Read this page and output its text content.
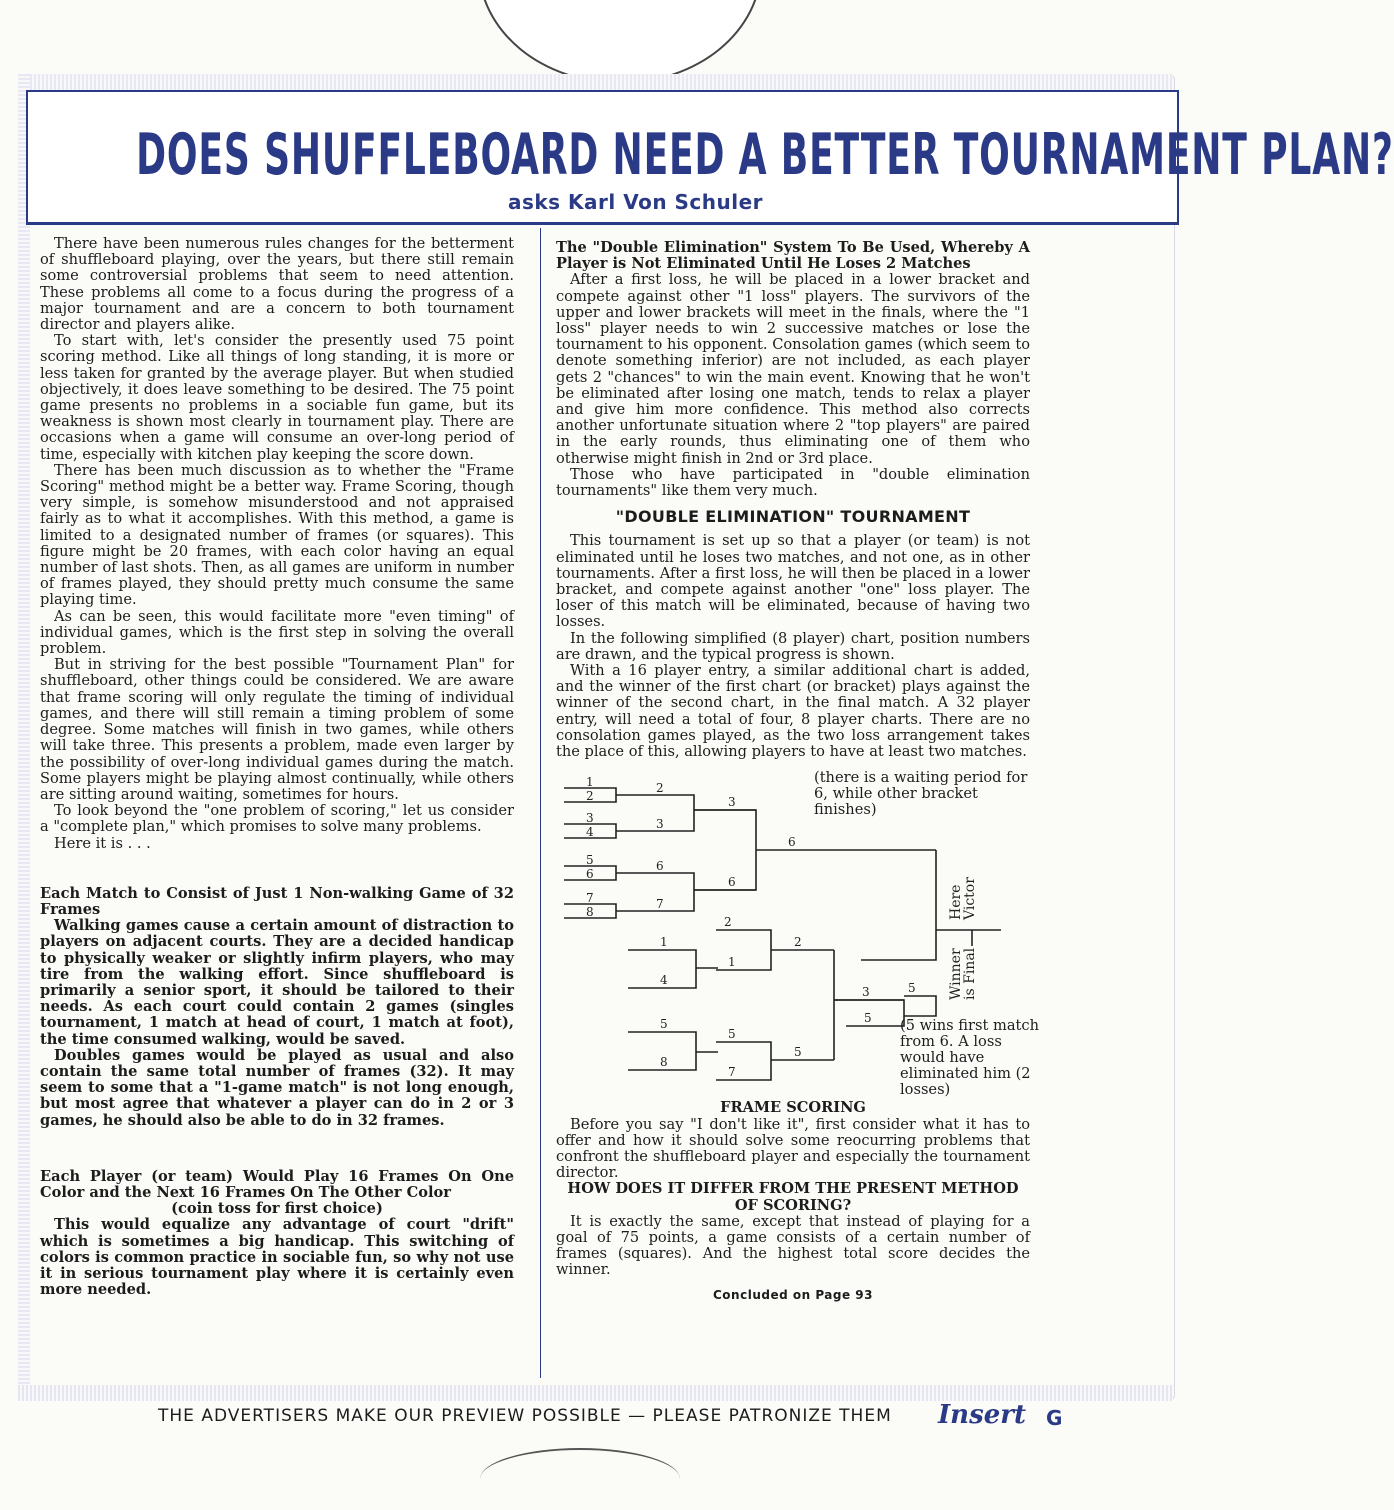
DOES SHUFFLEBOARD NEED A BETTER TOURNAMENT PLAN?
asks Karl Von Schuler

There have been numerous rules changes for the betterment of shuffleboard playing, over the years, but there still remain some controversial problems that seem to need attention. These problems all come to a focus during the progress of a major tournament and are a concern to both tournament director and players alike.

To start with, let's consider the presently used 75 point scoring method. Like all things of long standing, it is more or less taken for granted by the average player. But when studied objectively, it does leave something to be desired. The 75 point game presents no problems in a sociable fun game, but its weakness is shown most clearly in tournament play. There are occasions when a game will consume an over-long period of time, especially with kitchen play keeping the score down.

There has been much discussion as to whether the "Frame Scoring" method might be a better way. Frame Scoring, though very simple, is somehow misunderstood and not appraised fairly as to what it accomplishes. With this method, a game is limited to a designated number of frames (or squares). This figure might be 20 frames, with each color having an equal number of last shots. Then, as all games are uniform in number of frames played, they should pretty much consume the same playing time.

As can be seen, this would facilitate more "even timing" of individual games, which is the first step in solving the overall problem.

But in striving for the best possible "Tournament Plan" for shuffleboard, other things could be considered. We are aware that frame scoring will only regulate the timing of individual games, and there will still remain a timing problem of some degree. Some matches will finish in two games, while others will take three. This presents a problem, made even larger by the possibility of over-long individual games during the match. Some players might be playing almost continually, while others are sitting around waiting, sometimes for hours.

To look beyond the "one problem of scoring," let us consider a "complete plan," which promises to solve many problems.

Here it is . . .

Each Match to Consist of Just 1 Non-walking Game of 32 Frames

Walking games cause a certain amount of distraction to players on adjacent courts. They are a decided handicap to physically weaker or slightly infirm players, who may tire from the walking effort. Since shuffleboard is primarily a senior sport, it should be tailored to their needs. As each court could contain 2 games (singles tournament, 1 match at head of court, 1 match at foot), the time consumed walking, would be saved.

Doubles games would be played as usual and also contain the same total number of frames (32). It may seem to some that a "1-game match" is not long enough, but most agree that whatever a player can do in 2 or 3 games, he should also be able to do in 32 frames.

Each Player (or team) Would Play 16 Frames On One Color and the Next 16 Frames On The Other Color
(coin toss for first choice)

This would equalize any advantage of court "drift" which is sometimes a big handicap. This switching of colors is common practice in sociable fun, so why not use it in serious tournament play where it is certainly even more needed.

The "Double Elimination" System To Be Used, Whereby A Player is Not Eliminated Until He Loses 2 Matches

After a first loss, he will be placed in a lower bracket and compete against other "1 loss" players. The survivors of the upper and lower brackets will meet in the finals, where the "1 loss" player needs to win 2 successive matches or lose the tournament to his opponent. Consolation games (which seem to denote something inferior) are not included, as each player gets 2 "chances" to win the main event. Knowing that he won't be eliminated after losing one match, tends to relax a player and give him more confidence. This method also corrects another unfortunate situation where 2 "top players" are paired in the early rounds, thus eliminating one of them who otherwise might finish in 2nd or 3rd place.

Those who have participated in "double elimination tournaments" like them very much.

"DOUBLE ELIMINATION" TOURNAMENT

This tournament is set up so that a player (or team) is not eliminated until he loses two matches, and not one, as in other tournaments. After a first loss, he will then be placed in a lower bracket, and compete against another "one" loss player. The loser of this match will be eliminated, because of having two losses.

In the following simplified (8 player) chart, position numbers are drawn, and the typical progress is shown.

With a 16 player entry, a similar additional chart is added, and the winner of the first chart (or bracket) plays against the winner of the second chart, in the final match. A 32 player entry, will need a total of four, 8 player charts. There are no consolation games played, as the two loss arrangement takes the place of this, allowing players to have at least two matches.

1
2
3
4
5
6
7
8
2
3
6
7
3
6
6
1
4
5
8
2
1
5
7
2
5
3
5
5
Victor
Here
is Final
Winner
(there is a waiting period for 6, while other bracket finishes)
(5 wins first match from 6. A loss would have eliminated him (2 losses)
FRAME SCORING

Before you say "I don't like it", first consider what it has to offer and how it should solve some reocurring problems that confront the shuffleboard player and especially the tournament director.

HOW DOES IT DIFFER FROM THE PRESENT METHOD OF SCORING?

It is exactly the same, except that instead of playing for a goal of 75 points, a game consists of a certain number of frames (squares). And the highest total score decides the winner.

Concluded on Page 93
THE ADVERTISERS MAKE OUR PREVIEW POSSIBLE — PLEASE PATRONIZE THEM Insert G
